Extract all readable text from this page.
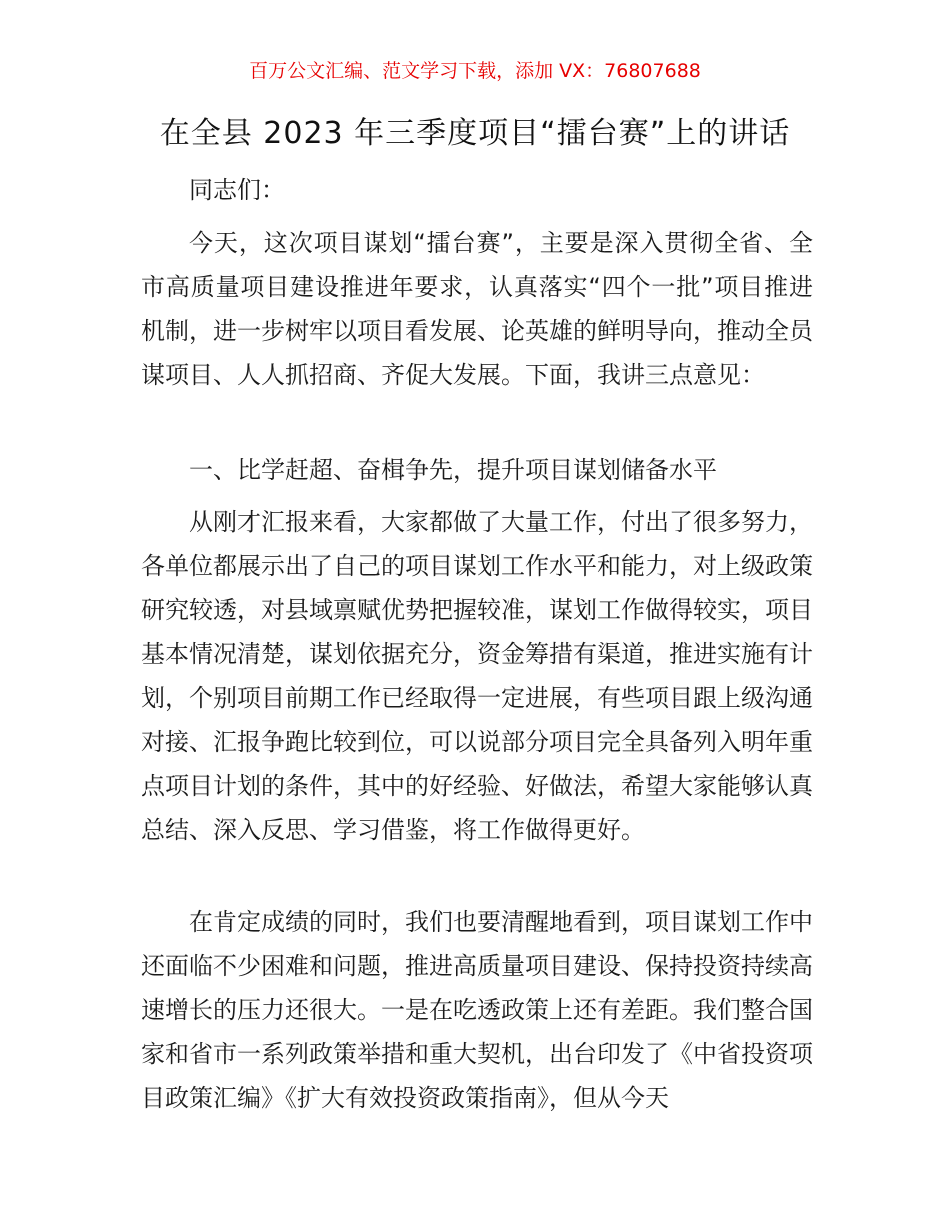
百万公文汇编、范文学习下载，添加 VX：76807688
在全县 2023 年三季度项目“擂台赛”上的讲话

同志们：

今天，这次项目谋划“擂台赛”，主要是深入贯彻全省、全市高质量项目建设推进年要求，认真落实“四个一批”项目推进机制，进一步树牢以项目看发展、论英雄的鲜明导向，推动全员谋项目、人人抓招商、齐促大发展。下面，我讲三点意见：

一、比学赶超、奋楫争先，提升项目谋划储备水平

从刚才汇报来看，大家都做了大量工作，付出了很多努力，各单位都展示出了自己的项目谋划工作水平和能力，对上级政策研究较透，对县域禀赋优势把握较准，谋划工作做得较实，项目基本情况清楚，谋划依据充分，资金筹措有渠道，推进实施有计划，个别项目前期工作已经取得一定进展，有些项目跟上级沟通对接、汇报争跑比较到位，可以说部分项目完全具备列入明年重点项目计划的条件，其中的好经验、好做法，希望大家能够认真总结、深入反思、学习借鉴，将工作做得更好。

在肯定成绩的同时，我们也要清醒地看到，项目谋划工作中还面临不少困难和问题，推进高质量项目建设、保持投资持续高速增长的压力还很大。一是在吃透政策上还有差距。我们整合国家和省市一系列政策举措和重大契机，出台印发了《中省投资项目政策汇编》《扩大有效投资政策指南》，但从今天
